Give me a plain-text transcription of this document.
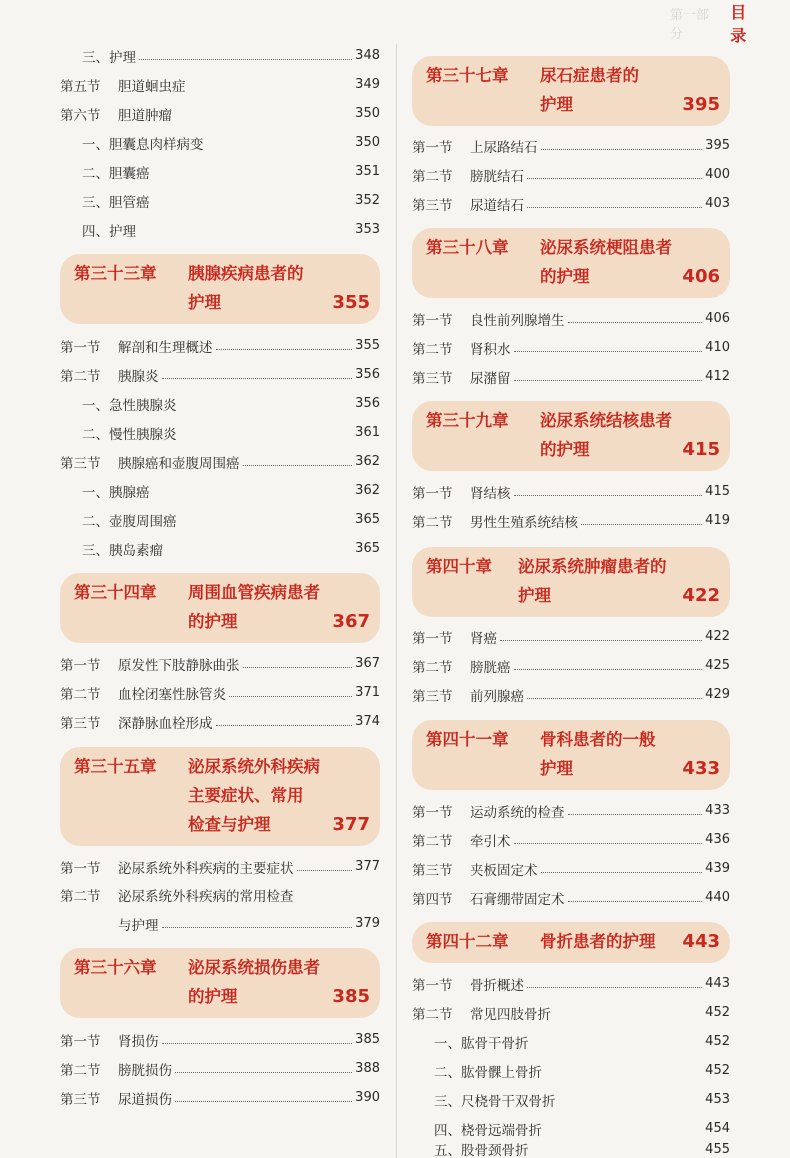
第一部分
目 录
三、护理	348
第五节	胆道蛔虫症	349
第六节	胆道肿瘤	350
一、胆囊息肉样病变	350
二、胆囊癌	351
三、胆管癌	352
四、护理	353
第三十三章	胰腺疾病患者的
护理	355
第一节	解剖和生理概述	355
第二节	胰腺炎	356
一、急性胰腺炎	356
二、慢性胰腺炎	361
第三节	胰腺癌和壶腹周围癌	362
一、胰腺癌	362
二、壶腹周围癌	365
三、胰岛素瘤	365
第三十四章	周围血管疾病患者
的护理	367
第一节	原发性下肢静脉曲张	367
第二节	血栓闭塞性脉管炎	371
第三节	深静脉血栓形成	374
第三十五章	泌尿系统外科疾病
主要症状、常用
检查与护理	377
第一节	泌尿系统外科疾病的主要症状	377
第二节	泌尿系统外科疾病的常用检查
与护理	379
第三十六章	泌尿系统损伤患者
的护理	385
第一节	肾损伤	385
第二节	膀胱损伤	388
第三节	尿道损伤	390
第三十七章	尿石症患者的
护理	395
第一节	上尿路结石	395
第二节	膀胱结石	400
第三节	尿道结石	403
第三十八章	泌尿系统梗阻患者
的护理	406
第一节	良性前列腺增生	406
第二节	肾积水	410
第三节	尿潴留	412
第三十九章	泌尿系统结核患者
的护理	415
第一节	肾结核	415
第二节	男性生殖系统结核	419
第四十章	泌尿系统肿瘤患者的
护理	422
第一节	肾癌	422
第二节	膀胱癌	425
第三节	前列腺癌	429
第四十一章	骨科患者的一般
护理	433
第一节	运动系统的检查	433
第二节	牵引术	436
第三节	夹板固定术	439
第四节	石膏绷带固定术	440
第四十二章	骨折患者的护理	443
第一节	骨折概述	443
第二节	常见四肢骨折	452
一、肱骨干骨折	452
二、肱骨髁上骨折	452
三、尺桡骨干双骨折	453
四、桡骨远端骨折	454
五、股骨颈骨折	455
